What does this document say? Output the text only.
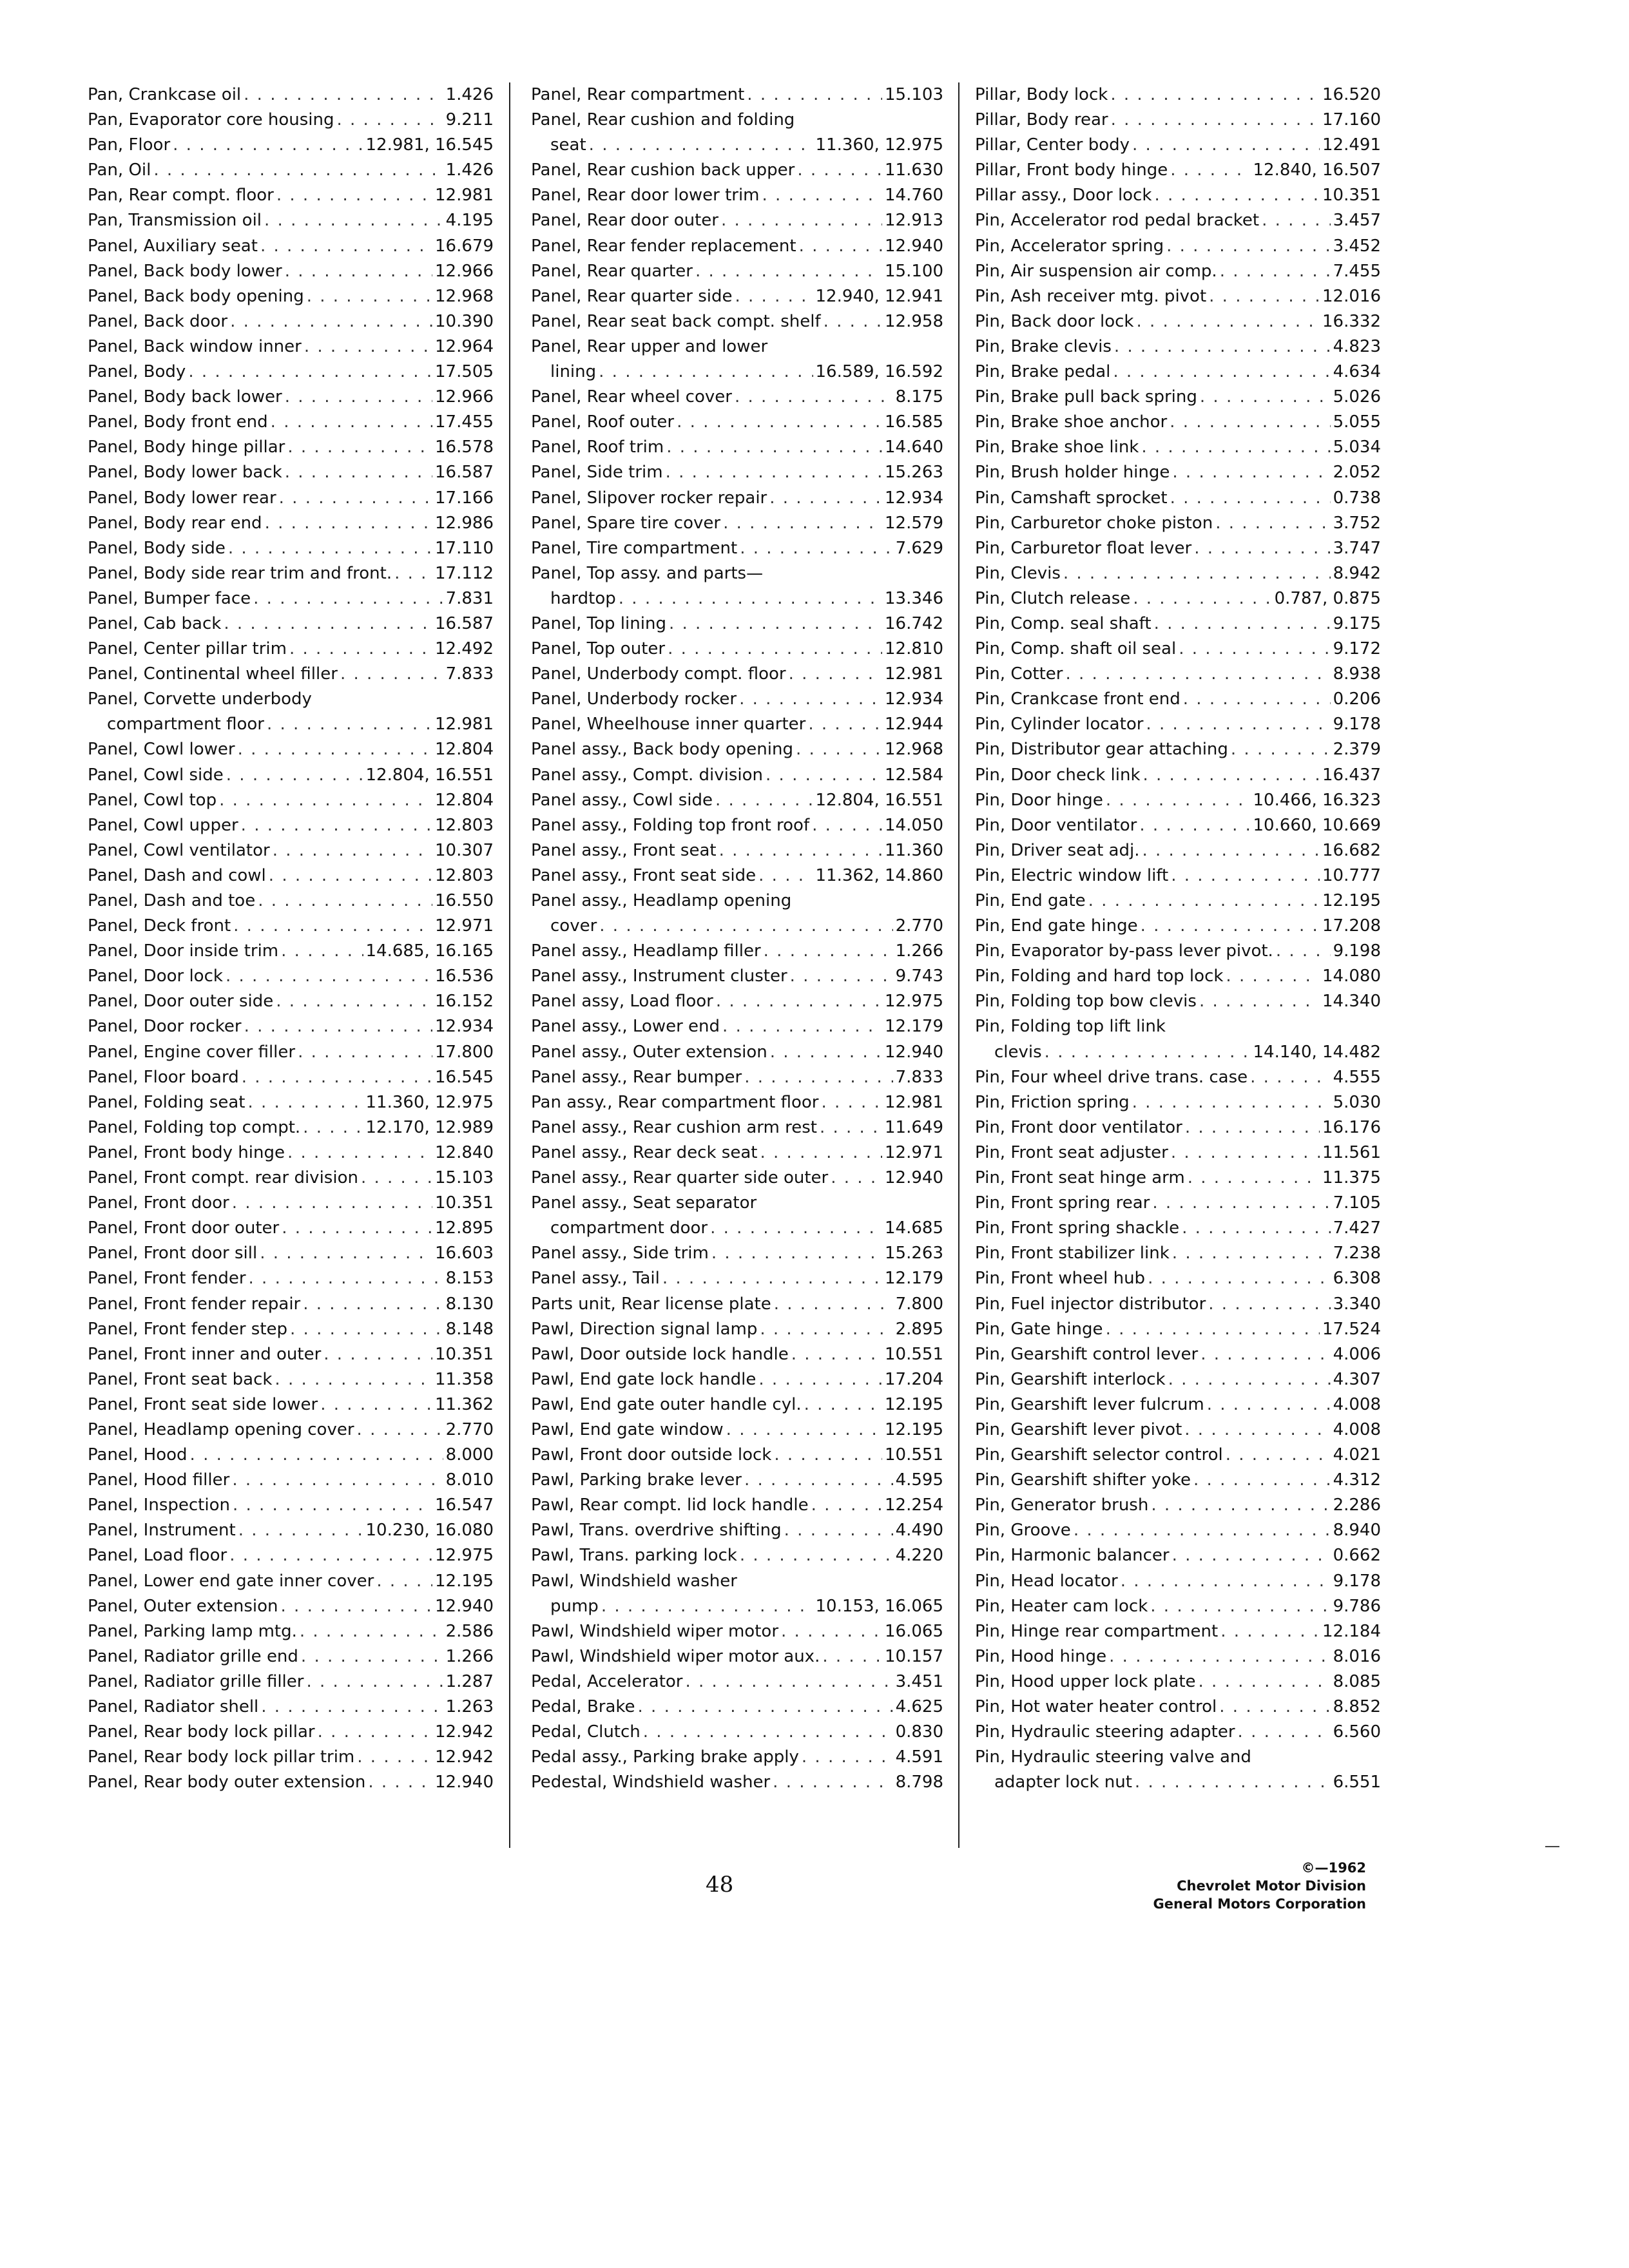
Pan, Crankcase oil . . .	1.426
Pan, Evaporator core housing . . .	9.211
Pan, Floor . . .	12.981, 16.545
Pan, Oil . . .	1.426
Pan, Rear compt. floor . . .	12.981
Pan, Transmission oil . . .	4.195
Panel, Auxiliary seat . . .	16.679
Panel, Back body lower . . .	12.966
Panel, Back body opening . . .	12.968
Panel, Back door . . .	10.390
Panel, Back window inner . . .	12.964
Panel, Body . . .	17.505
Panel, Body back lower . . .	12.966
Panel, Body front end . . .	17.455
Panel, Body hinge pillar . . .	16.578
Panel, Body lower back . . .	16.587
Panel, Body lower rear . . .	17.166
Panel, Body rear end . . .	12.986
Panel, Body side . . .	17.110
Panel, Body side rear trim and front. . . .	17.112
Panel, Bumper face . . .	7.831
Panel, Cab back . . .	16.587
Panel, Center pillar trim . . .	12.492
Panel, Continental wheel filler . . .	7.833
Panel, Corvette underbody
compartment floor . . .	12.981
Panel, Cowl lower . . .	12.804
Panel, Cowl side . . .	12.804, 16.551
Panel, Cowl top . . .	12.804
Panel, Cowl upper . . .	12.803
Panel, Cowl ventilator . . .	10.307
Panel, Dash and cowl . . .	12.803
Panel, Dash and toe . . .	16.550
Panel, Deck front . . .	12.971
Panel, Door inside trim . . .	14.685, 16.165
Panel, Door lock . . .	16.536
Panel, Door outer side . . .	16.152
Panel, Door rocker . . .	12.934
Panel, Engine cover filler . . .	17.800
Panel, Floor board . . .	16.545
Panel, Folding seat . . .	11.360, 12.975
Panel, Folding top compt. . . .	12.170, 12.989
Panel, Front body hinge . . .	12.840
Panel, Front compt. rear division . . .	15.103
Panel, Front door . . .	10.351
Panel, Front door outer . . .	12.895
Panel, Front door sill . . .	16.603
Panel, Front fender . . .	8.153
Panel, Front fender repair . . .	8.130
Panel, Front fender step . . .	8.148
Panel, Front inner and outer . . .	10.351
Panel, Front seat back . . .	11.358
Panel, Front seat side lower . . .	11.362
Panel, Headlamp opening cover . . .	2.770
Panel, Hood . . .	8.000
Panel, Hood filler . . .	8.010
Panel, Inspection . . .	16.547
Panel, Instrument . . .	10.230, 16.080
Panel, Load floor . . .	12.975
Panel, Lower end gate inner cover . . .	12.195
Panel, Outer extension . . .	12.940
Panel, Parking lamp mtg. . . .	2.586
Panel, Radiator grille end . . .	1.266
Panel, Radiator grille filler . . .	1.287
Panel, Radiator shell . . .	1.263
Panel, Rear body lock pillar . . .	12.942
Panel, Rear body lock pillar trim . . .	12.942
Panel, Rear body outer extension . . .	12.940
Panel, Rear compartment . . .	15.103
Panel, Rear cushion and folding
seat . . .	11.360, 12.975
Panel, Rear cushion back upper . . .	11.630
Panel, Rear door lower trim . . .	14.760
Panel, Rear door outer . . .	12.913
Panel, Rear fender replacement . . .	12.940
Panel, Rear quarter . . .	15.100
Panel, Rear quarter side . . .	12.940, 12.941
Panel, Rear seat back compt. shelf . . .	12.958
Panel, Rear upper and lower
lining . . .	16.589, 16.592
Panel, Rear wheel cover . . .	8.175
Panel, Roof outer . . .	16.585
Panel, Roof trim . . .	14.640
Panel, Side trim . . .	15.263
Panel, Slipover rocker repair . . .	12.934
Panel, Spare tire cover . . .	12.579
Panel, Tire compartment . . .	7.629
Panel, Top assy. and parts—
hardtop . . .	13.346
Panel, Top lining . . .	16.742
Panel, Top outer . . .	12.810
Panel, Underbody compt. floor . . .	12.981
Panel, Underbody rocker . . .	12.934
Panel, Wheelhouse inner quarter . . .	12.944
Panel assy., Back body opening . . .	12.968
Panel assy., Compt. division . . .	12.584
Panel assy., Cowl side . . .	12.804, 16.551
Panel assy., Folding top front roof . . .	14.050
Panel assy., Front seat . . .	11.360
Panel assy., Front seat side . . .	11.362, 14.860
Panel assy., Headlamp opening
cover . . .	2.770
Panel assy., Headlamp filler . . .	1.266
Panel assy., Instrument cluster . . .	9.743
Panel assy, Load floor . . .	12.975
Panel assy., Lower end . . .	12.179
Panel assy., Outer extension . . .	12.940
Panel assy., Rear bumper . . .	7.833
Pan assy., Rear compartment floor . . .	12.981
Panel assy., Rear cushion arm rest . . .	11.649
Panel assy., Rear deck seat . . .	12.971
Panel assy., Rear quarter side outer . . .	12.940
Panel assy., Seat separator
compartment door . . .	14.685
Panel assy., Side trim . . .	15.263
Panel assy., Tail . . .	12.179
Parts unit, Rear license plate . . .	7.800
Pawl, Direction signal lamp . . .	2.895
Pawl, Door outside lock handle . . .	10.551
Pawl, End gate lock handle . . .	17.204
Pawl, End gate outer handle cyl. . . .	12.195
Pawl, End gate window . . .	12.195
Pawl, Front door outside lock . . .	10.551
Pawl, Parking brake lever . . .	4.595
Pawl, Rear compt. lid lock handle . . .	12.254
Pawl, Trans. overdrive shifting . . .	4.490
Pawl, Trans. parking lock . . .	4.220
Pawl, Windshield washer
pump . . .	10.153, 16.065
Pawl, Windshield wiper motor . . .	16.065
Pawl, Windshield wiper motor aux. . . .	10.157
Pedal, Accelerator . . .	3.451
Pedal, Brake . . .	4.625
Pedal, Clutch . . .	0.830
Pedal assy., Parking brake apply . . .	4.591
Pedestal, Windshield washer . . .	8.798
Pillar, Body lock . . .	16.520
Pillar, Body rear . . .	17.160
Pillar, Center body . . .	12.491
Pillar, Front body hinge . . .	12.840, 16.507
Pillar assy., Door lock . . .	10.351
Pin, Accelerator rod pedal bracket . . .	3.457
Pin, Accelerator spring . . .	3.452
Pin, Air suspension air comp. . . .	7.455
Pin, Ash receiver mtg. pivot . . .	12.016
Pin, Back door lock . . .	16.332
Pin, Brake clevis . . .	4.823
Pin, Brake pedal . . .	4.634
Pin, Brake pull back spring . . .	5.026
Pin, Brake shoe anchor . . .	5.055
Pin, Brake shoe link . . .	5.034
Pin, Brush holder hinge . . .	2.052
Pin, Camshaft sprocket . . .	0.738
Pin, Carburetor choke piston . . .	3.752
Pin, Carburetor float lever . . .	3.747
Pin, Clevis . . .	8.942
Pin, Clutch release . . .	0.787, 0.875
Pin, Comp. seal shaft . . .	9.175
Pin, Comp. shaft oil seal . . .	9.172
Pin, Cotter . . .	8.938
Pin, Crankcase front end . . .	0.206
Pin, Cylinder locator . . .	9.178
Pin, Distributor gear attaching . . .	2.379
Pin, Door check link . . .	16.437
Pin, Door hinge . . .	10.466, 16.323
Pin, Door ventilator . . .	10.660, 10.669
Pin, Driver seat adj. . . .	16.682
Pin, Electric window lift . . .	10.777
Pin, End gate . . .	12.195
Pin, End gate hinge . . .	17.208
Pin, Evaporator by-pass lever pivot. . . .	9.198
Pin, Folding and hard top lock . . .	14.080
Pin, Folding top bow clevis . . .	14.340
Pin, Folding top lift link
clevis . . .	14.140, 14.482
Pin, Four wheel drive trans. case . . .	4.555
Pin, Friction spring . . .	5.030
Pin, Front door ventilator . . .	16.176
Pin, Front seat adjuster . . .	11.561
Pin, Front seat hinge arm . . .	11.375
Pin, Front spring rear . . .	7.105
Pin, Front spring shackle . . .	7.427
Pin, Front stabilizer link . . .	7.238
Pin, Front wheel hub . . .	6.308
Pin, Fuel injector distributor . . .	3.340
Pin, Gate hinge . . .	17.524
Pin, Gearshift control lever . . .	4.006
Pin, Gearshift interlock . . .	4.307
Pin, Gearshift lever fulcrum . . .	4.008
Pin, Gearshift lever pivot . . .	4.008
Pin, Gearshift selector control . . .	4.021
Pin, Gearshift shifter yoke . . .	4.312
Pin, Generator brush . . .	2.286
Pin, Groove . . .	8.940
Pin, Harmonic balancer . . .	0.662
Pin, Head locator . . .	9.178
Pin, Heater cam lock . . .	9.786
Pin, Hinge rear compartment . . .	12.184
Pin, Hood hinge . . .	8.016
Pin, Hood upper lock plate . . .	8.085
Pin, Hot water heater control . . .	8.852
Pin, Hydraulic steering adapter . . .	6.560
Pin, Hydraulic steering valve and
adapter lock nut . . .	6.551
48
©—1962
Chevrolet Motor Division
General Motors Corporation
